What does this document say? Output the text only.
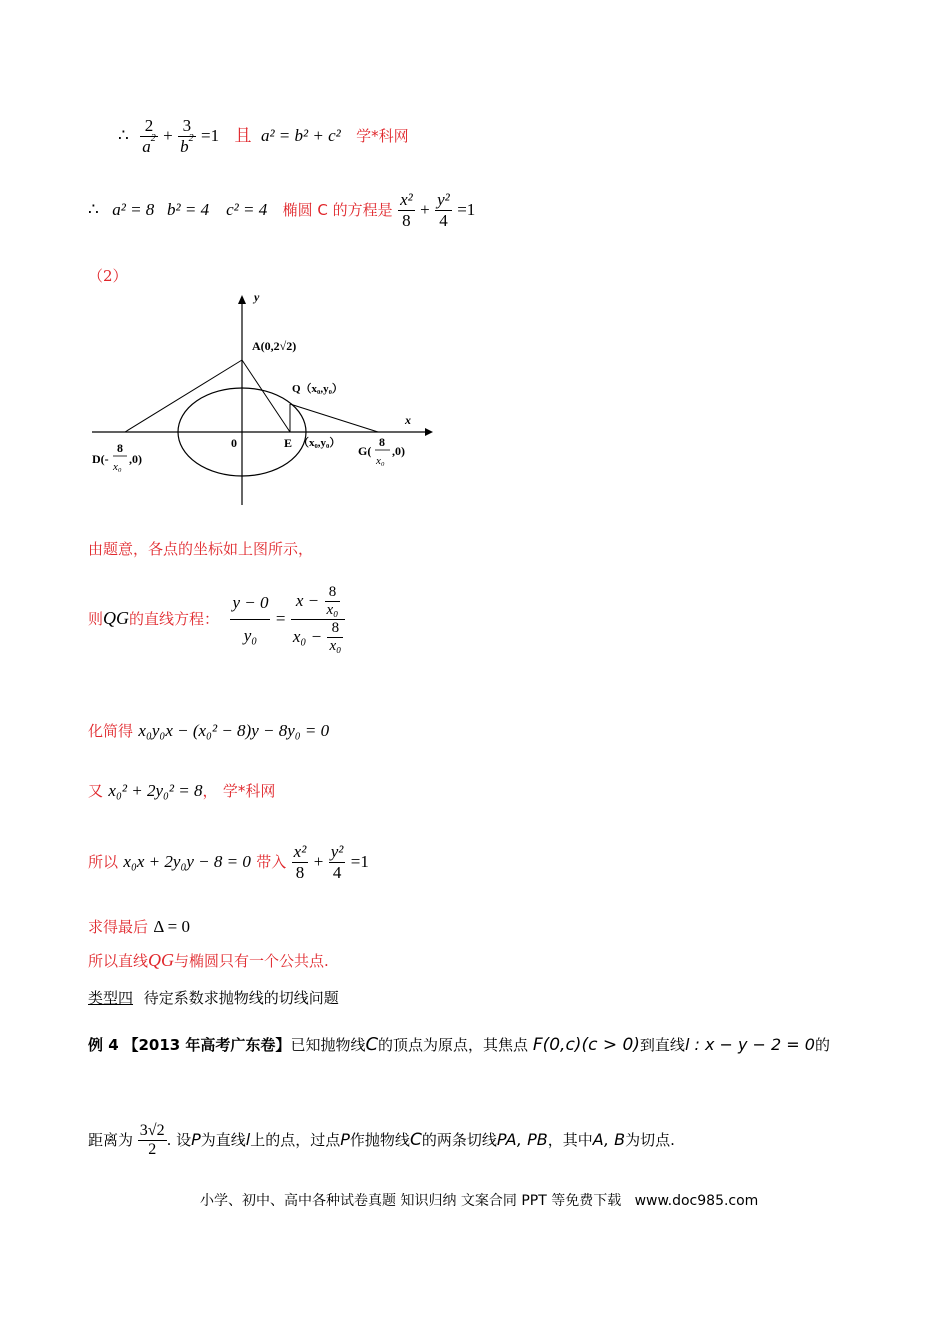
∴ $\frac{2}{a^2} + \frac{3}{b^2} =1$ 且 a² = b² + c² 学*科网
∴ a² = 8   b² = 4    c² = 4 椭圆 C 的方程是 $\frac{\text{x²}}{8} + \frac{\text{y²}}{4} =1$
（2）
y
x
A(0,2√2)
Q（x₀,y₀）
0	E （x₀,y₀）
D(-
8
x₀
,0)
G(
8
x₀
,0)
由题意，各点的坐标如上图所示，
则QG的直线方程： $\frac{y - 0}{\text{y₀}} = \frac{x - \frac{8}{\text{x₀}}}{x_0 - \frac{8}{\text{x₀}}}$
化简得 x₀y₀x − (x₀² − 8)y − 8y₀ = 0
又 x₀² + 2y₀² = 8， 学*科网
所以 x₀x + 2y₀y − 8 = 0 带入 $\frac{\text{x²}}{8} + \frac{\text{y²}}{4} =1$
求得最后 Δ = 0
所以直线QG与椭圆只有一个公共点.
类型四 待定系数求抛物线的切线问题
例 4 【2013 年高考广东卷】已知抛物线C的顶点为原点，其焦点 F(0,c)(c > 0)到直线l : x − y − 2 = 0的
距离为 $\frac{3√2}{2}$ . 设P为直线l上的点，过点P作抛物线C的两条切线PA, PB，其中A, B为切点.
小学、初中、高中各种试卷真题 知识归纳 文案合同 PPT 等免费下载   www.doc985.com
